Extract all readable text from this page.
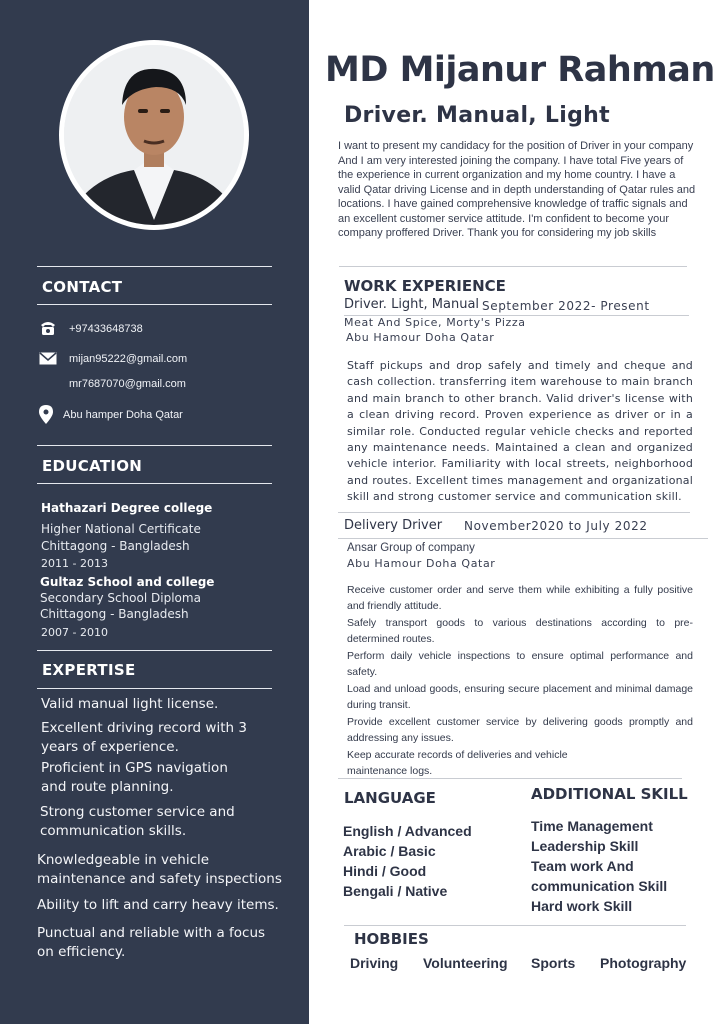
CONTACT
+97433648738
mijan95222@gmail.com
mr7687070@gmail.com
Abu hamper Doha Qatar
EDUCATION
Hathazari Degree college
Higher National Certificate
Chittagong - Bangladesh
2011 - 2013
Gultaz School and college
Secondary School Diploma
Chittagong - Bangladesh
2007 - 2010
EXPERTISE
Valid manual light license.
Excellent driving record with 3
years of experience.
Proficient in GPS navigation
and route planning.
Strong customer service and
communication skills.
Knowledgeable in vehicle
maintenance and safety inspections
Ability to lift and carry heavy items.
Punctual and reliable with a focus
on efficiency.
MD Mijanur Rahman
Driver. Manual, Light
I want to present my candidacy for the position of Driver in your company And I am very interested joining the company. I have total Five years of the experience in current organization and my home country. I have a valid Qatar driving License and in depth understanding of Qatar rules and locations. I have gained comprehensive knowledge of traffic signals and an excellent customer service attitude. I'm confident to become your company proffered Driver. Thank you for considering my job skills
WORK EXPERIENCE
Driver. Light, Manual September 2022- Present
Meat And Spice, Morty's Pizza
Abu Hamour Doha Qatar
Staff pickups and drop safely and timely and cheque and cash collection. transferring item warehouse to main branch and main branch to other branch. Valid driver's license with a clean driving record. Proven experience as driver or in a similar role. Conducted regular vehicle checks and reported any maintenance needs. Maintained a clean and organized vehicle interior. Familiarity with local streets, neighborhood and routes. Excellent times management and organizational skill and strong customer service and communication skill.
Delivery Driver November2020 to July 2022
Ansar Group of company
Abu Hamour Doha Qatar
Receive customer order and serve them while exhibiting a fully positive and friendly attitude.
Safely transport goods to various destinations according to pre-determined routes.
Perform daily vehicle inspections to ensure optimal performance and safety.
Load and unload goods, ensuring secure placement and minimal damage during transit.
Provide excellent customer service by delivering goods promptly and addressing any issues.
Keep accurate records of deliveries and vehicle maintenance logs.
LANGUAGE	ADDITIONAL SKILL
English / Advanced
Arabic / Basic
Hindi / Good
Bengali / Native
Time Management
Leadership Skill
Team work And
communication Skill
Hard work Skill
HOBBIES
Driving Volunteering Sports Photography
